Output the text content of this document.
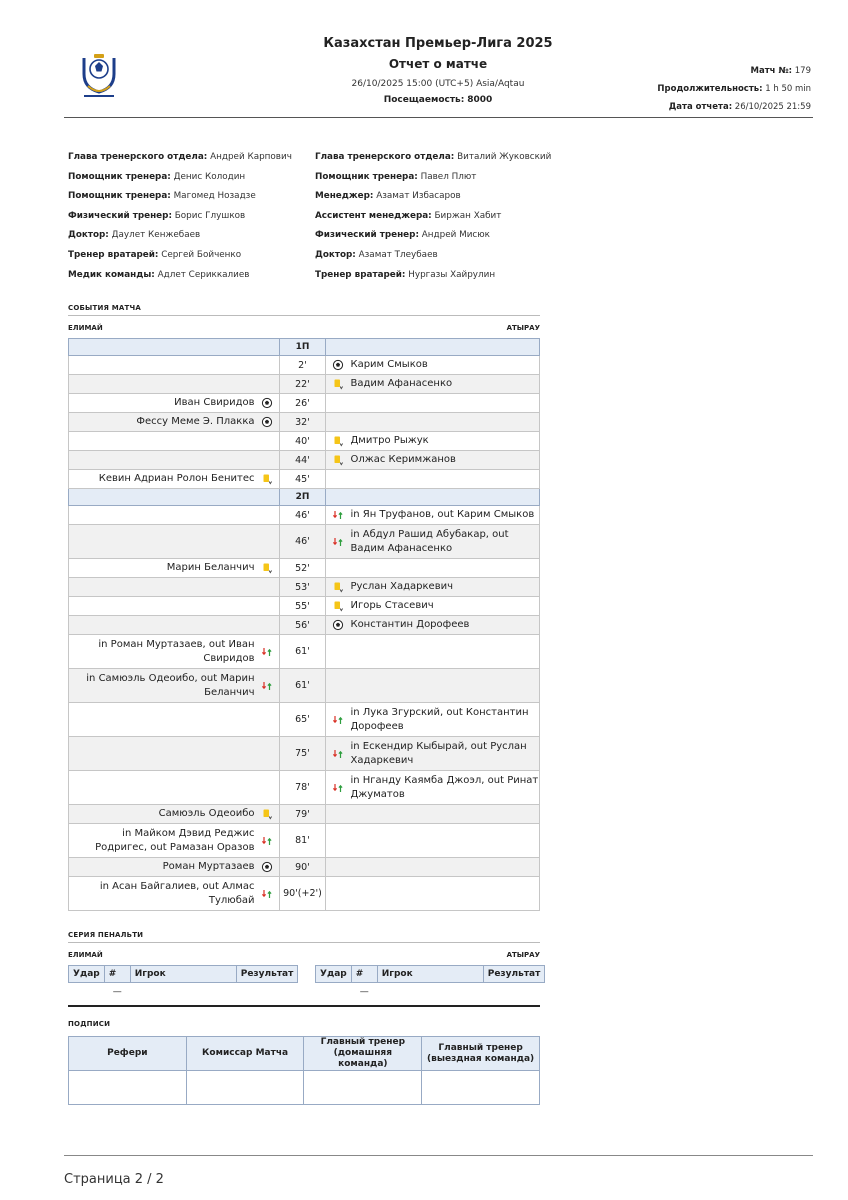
Казахстан Премьер-Лига 2025
Отчет о матче
26/10/2025 15:00 (UTC+5) Asia/Aqtau
Посещаемость: 8000
Матч №: 179
Продолжительность: 1 h 50 min
Дата отчета: 26/10/2025 21:59
Глава тренерского отдела: Андрей Карпович
Помощник тренера: Денис Колодин
Помощник тренера: Магомед Нозадзе
Физический тренер: Борис Глушков
Доктор: Даулет Кенжебаев
Тренер вратарей: Сергей Бойченко
Медик команды: Адлет Сериккалиев
Глава тренерского отдела: Виталий Жуковский
Помощник тренера: Павел Плют
Менеджер: Азамат Избасаров
Ассистент менеджера: Биржан Хабит
Физический тренер: Андрей Мисюк
Доктор: Азамат Тлеубаев
Тренер вратарей: Нургазы Хайрулин
СОБЫТИЯ МАТЧА
ЕЛИМАЙ	АТЫРАУ
	1П	
	2'	Карим Смыков

	22'	Вадим Афанасенко

Иван Свиридов	26'	

Фессу Меме Э. Плакка	32'	
	40'	Дмитро Рыжук

	44'	Олжас Керимжанов

Кевин Адриан Ролон Бенитес	45'	
	2П	
	46'	in Ян Труфанов, out Карим Смыков

	46'	in Абдул Рашид Абубакар, out Вадим Афанасенко

Марин Беланчич	52'	
	53'	Руслан Хадаркевич

	55'	Игорь Стасевич

	56'	Константин Дорофеев

in Роман Муртазаев, out Иван Свиридов	61'	

in Самюэль Одеоибо, out Марин Беланчич	61'	
	65'	in Лука Згурский, out Константин Дорофеев

	75'	in Ескендир Кыбырай, out Руслан Хадаркевич

	78'	in Нганду Каямба Джоэл, out Ринат Джуматов

Самюэль Одеоибо	79'	

in Майком Дэвид Реджис Родригес, out Рамазан Оразов	81'	

Роман Муртазаев	90'	

in Асан Байгалиев, out Алмас Тулюбай	90'(+2')	
СЕРИЯ ПЕНАЛЬТИ
ЕЛИМАЙ	АТЫРАУ
Удар	#	Игрок	Результат
	—		
Удар	#	Игрок	Результат
	—		
ПОДПИСИ
Рефери	Комиссар Матча	Главный тренер (домашняя команда)	Главный тренер (выездная команда)

Страница 2 / 2
